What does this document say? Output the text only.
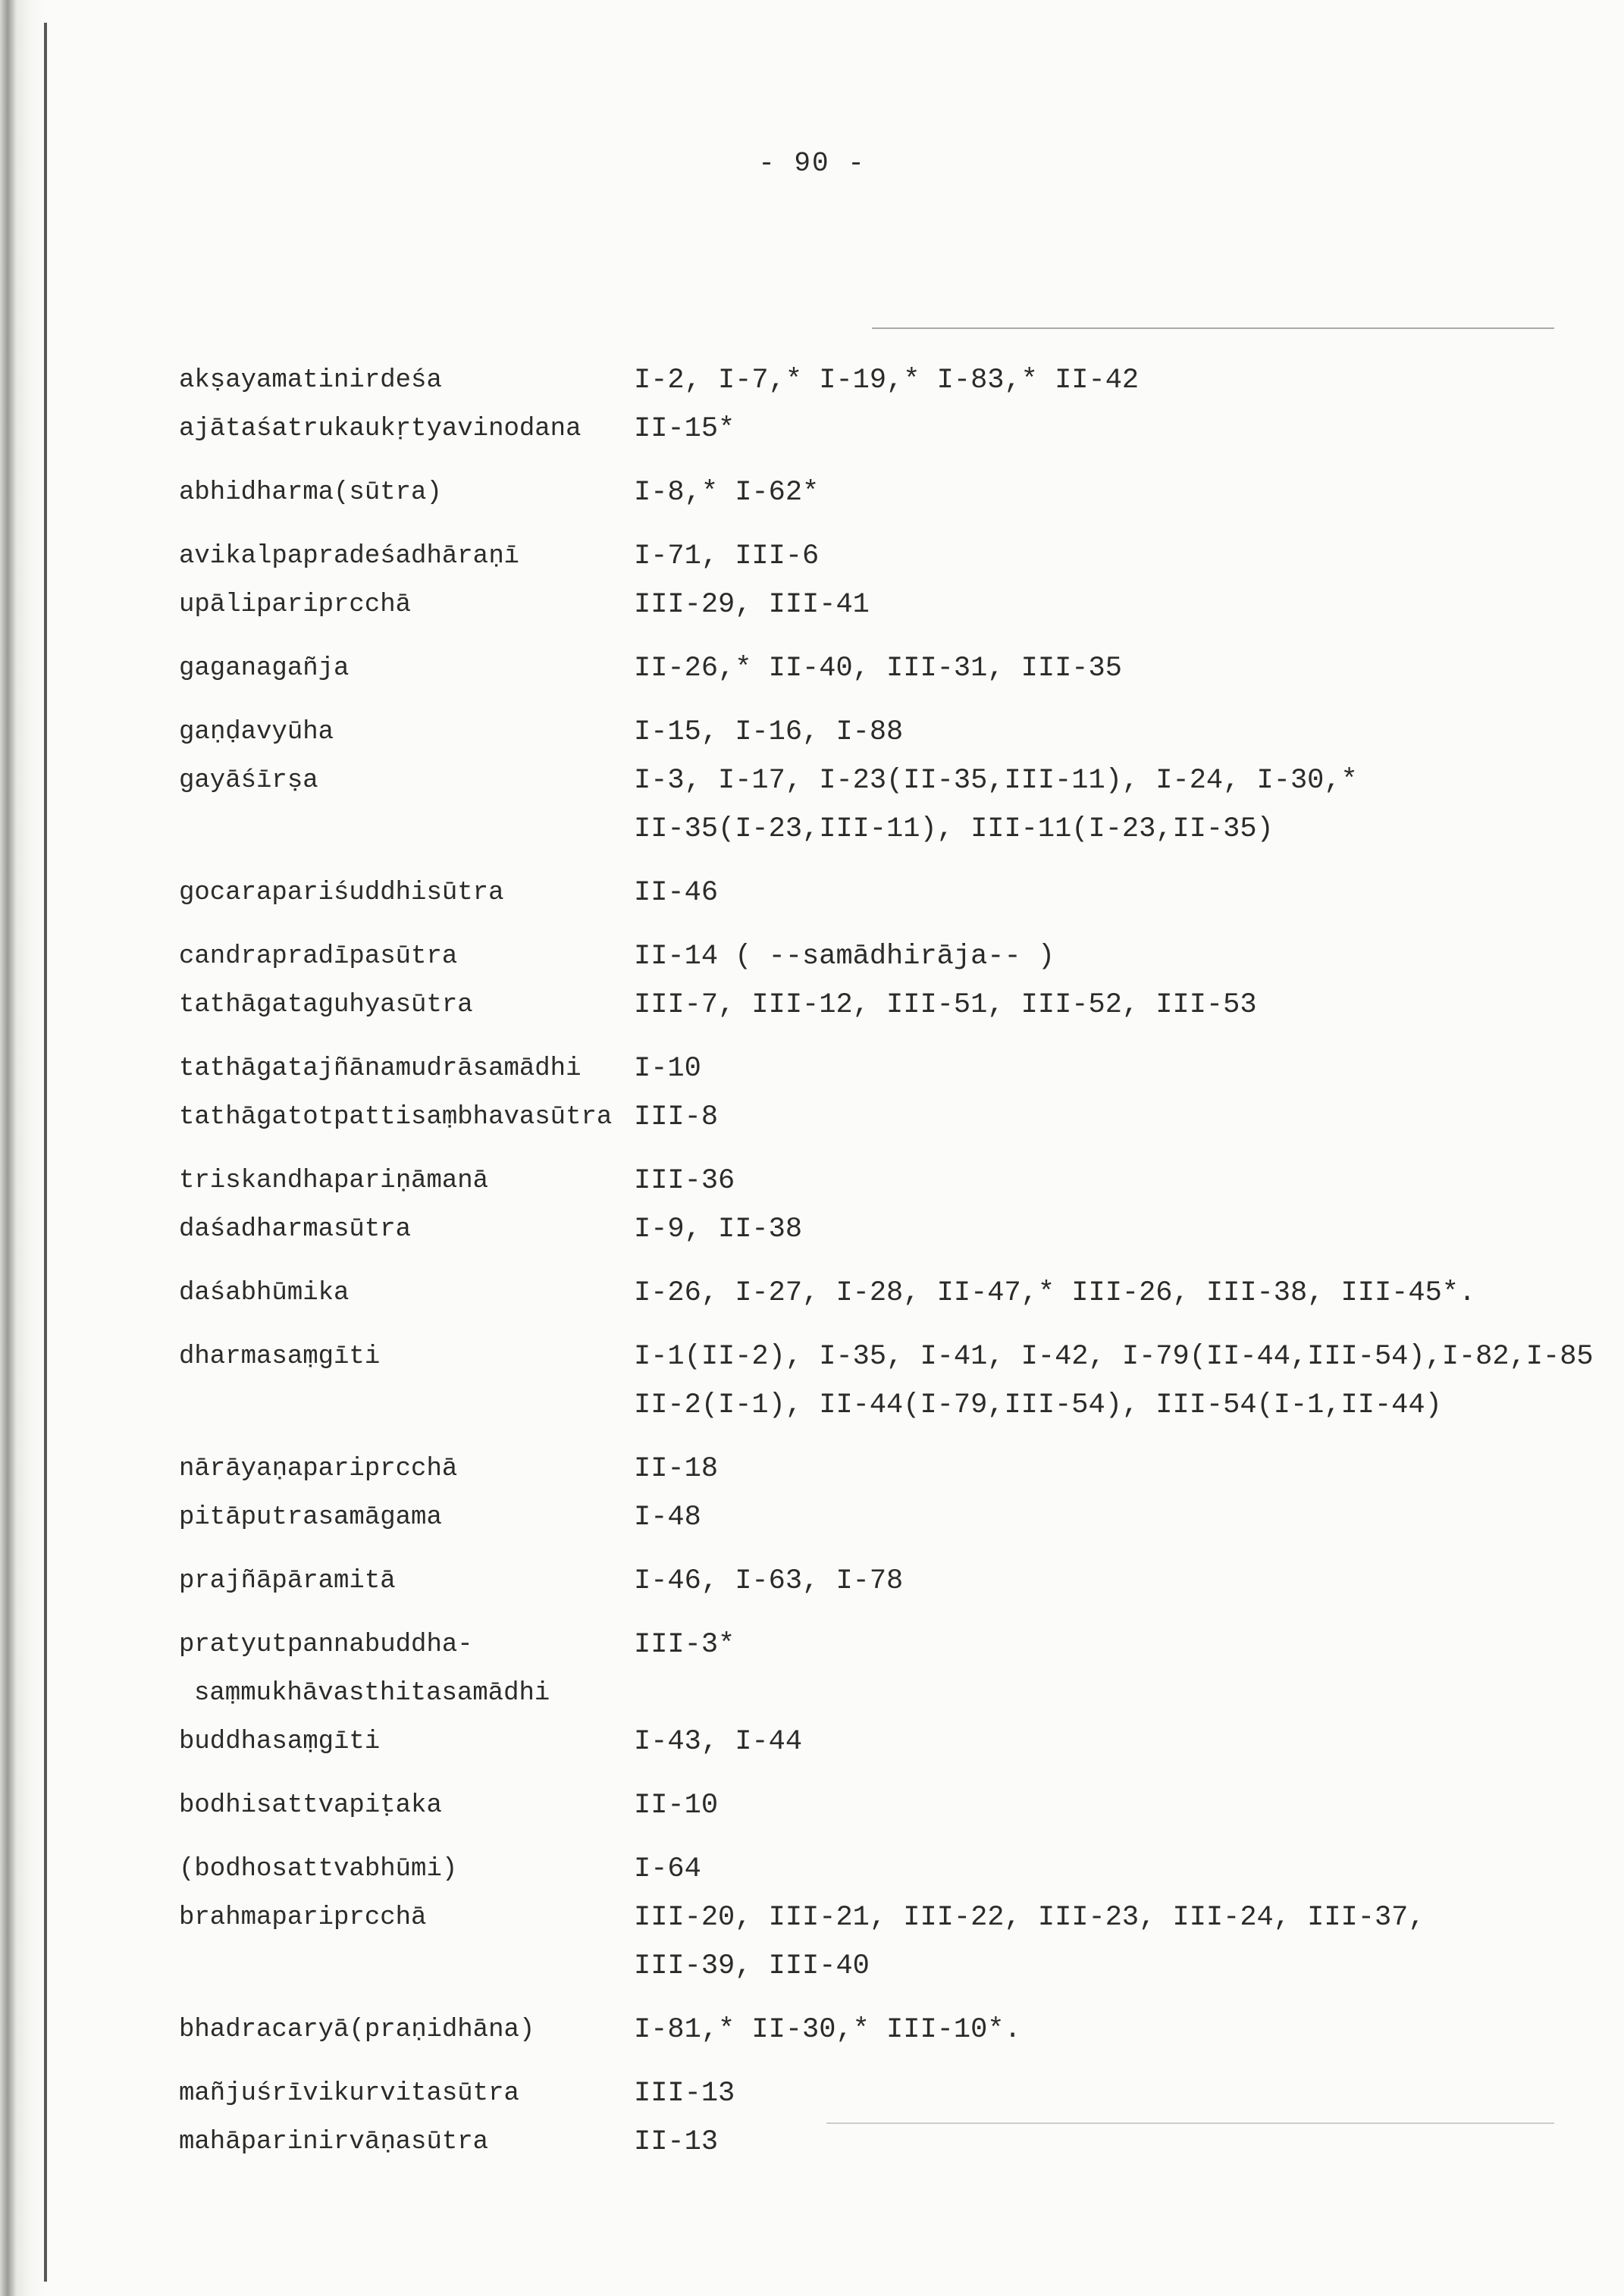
- 90 -
akṣayamatinirdeśa	I-2, I-7,* I-19,* I-83,* II-42
ajātaśatrukaukṛtyavinodana	II-15*
abhidharma(sūtra)	I-8,* I-62*
avikalpapradeśadhāraṇī	I-71, III-6
upālipariprcchā	III-29, III-41
gaganagañja	II-26,* II-40, III-31, III-35
gaṇḍavyūha	I-15, I-16, I-88
gayāśīrṣa	I-3, I-17, I-23(II-35,III-11), I-24, I-30,*
II-35(I-23,III-11), III-11(I-23,II-35)
gocarapariśuddhisūtra	II-46
candrapradīpasūtra	II-14 ( --samādhirāja-- )
tathāgataguhyasūtra	III-7, III-12, III-51, III-52, III-53
tathāgatajñānamudrāsamādhi	I-10
tathāgatotpattisaṃbhavasūtra III-8
triskandhapariṇāmanā	III-36
daśadharmasūtra	I-9, II-38
daśabhūmika	I-26, I-27, I-28, II-47,* III-26, III-38, III-45*.
dharmasaṃgīti	I-1(II-2), I-35, I-41, I-42, I-79(II-44,III-54),I-82,I-85
II-2(I-1), II-44(I-79,III-54), III-54(I-1,II-44)
nārāyaṇapariprcchā	II-18
pitāputrasamāgama	I-48
prajñāpāramitā	I-46, I-63, I-78
pratyutpannabuddha-	III-3*
saṃmukhāvasthitasamādhi
buddhasaṃgīti	I-43, I-44
bodhisattvapiṭaka	II-10
(bodhosattvabhūmi)	I-64
brahmapariprcchā	III-20, III-21, III-22, III-23, III-24, III-37,
III-39, III-40
bhadracaryā(praṇidhāna)	I-81,* II-30,* III-10*.
mañjuśrīvikurvitasūtra	III-13
mahāparinirvāṇasūtra	II-13
